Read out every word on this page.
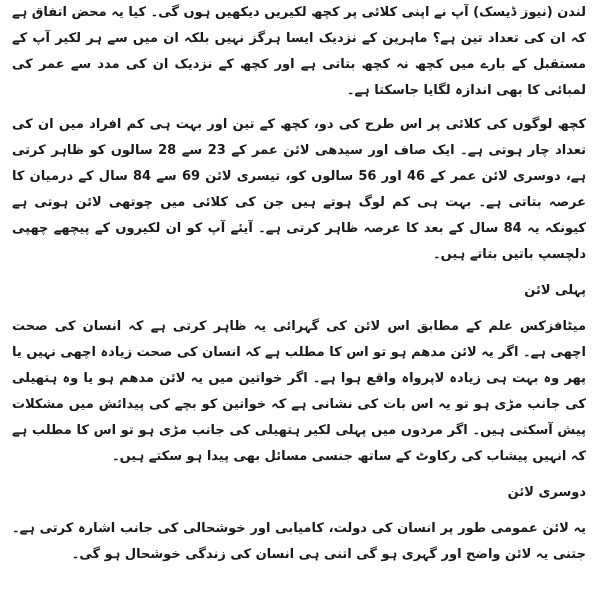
لندن (نیوز ڈیسک) آپ نے اپنی کلائی پر کچھ لکیریں دیکھیں ہوں گی۔ کیا یہ محض اتفاق ہے کہ ان کی تعداد تین ہے؟ ماہرین کے نزدیک ایسا ہرگز نہیں بلکہ ان میں سے ہر لکیر آپ کے مستقبل کے بارے میں کچھ نہ کچھ بتاتی ہے اور کچھ کے نزدیک ان کی مدد سے عمر کی لمبائی کا بھی اندازہ لگایا جاسکتا ہے۔

کچھ لوگوں کی کلائی پر اس طرح کی دو، کچھ کے تین اور بہت ہی کم افراد میں ان کی تعداد چار ہوتی ہے۔ ایک صاف اور سیدھی لائن عمر کے 23 سے 28 سالوں کو ظاہر کرتی ہے، دوسری لائن عمر کے 46 اور 56 سالوں کو، تیسری لائن 69 سے 84 سال کے درمیان کا عرصہ بتاتی ہے۔ بہت ہی کم لوگ ہوتے ہیں جن کی کلائی میں چوتھی لائن ہوتی ہے کیونکہ یہ 84 سال کے بعد کا عرصہ ظاہر کرتی ہے۔ آیئے آپ کو ان لکیروں کے پیچھے چھپی دلچسپ باتیں بتاتے ہیں۔

پہلی لائن

میٹافزکس علم کے مطابق اس لائن کی گہرائی یہ ظاہر کرتی ہے کہ انسان کی صحت اچھی ہے۔ اگر یہ لائن مدھم ہو تو اس کا مطلب ہے کہ انسان کی صحت زیادہ اچھی نہیں یا پھر وہ بہت ہی زیادہ لاپرواہ واقع ہوا ہے۔ اگر خواتین میں یہ لائن مدھم ہو یا وہ ہتھیلی کی جانب مڑی ہو تو یہ اس بات کی نشانی ہے کہ خواتین کو بچے کی پیدائش میں مشکلات پیش آسکتی ہیں۔ اگر مردوں میں پہلی لکیر ہتھیلی کی جانب مڑی ہو تو اس کا مطلب ہے کہ انہیں پیشاب کی رکاوٹ کے ساتھ جنسی مسائل بھی پیدا ہو سکتے ہیں۔

دوسری لائن

یہ لائن عمومی طور پر انسان کی دولت، کامیابی اور خوشحالی کی جانب اشارہ کرتی ہے۔ جتنی یہ لائن واضح اور گہری ہو گی اتنی ہی انسان کی زندگی خوشحال ہو گی۔
